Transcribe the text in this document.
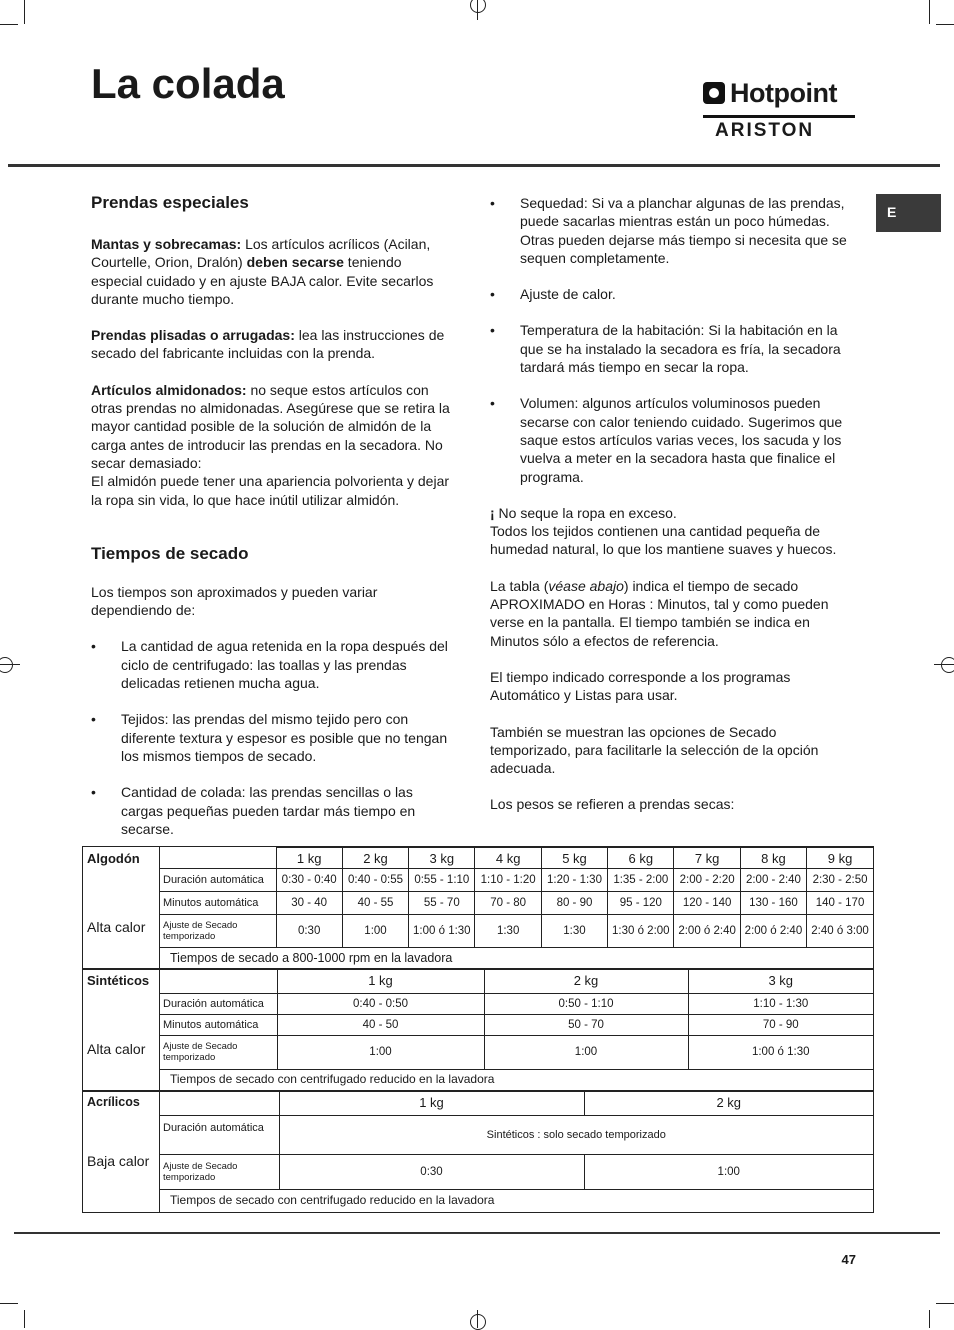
La colada	Hotpoint
ARISTON
E

Prendas especiales

Mantas y sobrecamas: Los artículos acrílicos (Acilan, Courtelle, Orion, Dralón) deben secarse teniendo especial cuidado y en ajuste BAJA calor. Evite secarlos durante mucho tiempo.

Prendas plisadas o arrugadas: lea las instrucciones de secado del fabricante incluidas con la prenda.

Artículos almidonados: no seque estos artículos con otras prendas no almidonadas. Asegúrese que se retira la mayor cantidad posible de la solución de almidón de la carga antes de introducir las prendas en la secadora. No secar demasiado:

El almidón puede tener una apariencia polvorienta y dejar la ropa sin vida, lo que hace inútil utilizar almidón.

Tiempos de secado

Los tiempos son aproximados y pueden variar dependiendo de:

• La cantidad de agua retenida en la ropa después del ciclo de centrifugado: las toallas y las prendas delicadas retienen mucha agua.

• Tejidos: las prendas del mismo tejido pero con diferente textura y espesor es posible que no tengan los mismos tiempos de secado.

• Cantidad de colada: las prendas sencillas o las cargas pequeñas pueden tardar más tiempo en secarse.

• Sequedad: Si va a planchar algunas de las prendas, puede sacarlas mientras están un poco húmedas. Otras pueden dejarse más tiempo si necesita que se sequen completamente.

• Ajuste de calor.

• Temperatura de la habitación: Si la habitación en la que se ha instalado la secadora es fría, la secadora tardará más tiempo en secar la ropa.

• Volumen: algunos artículos voluminosos pueden secarse con calor teniendo cuidado. Sugerimos que saque estos artículos varias veces, los sacuda y los vuelva a meter en la secadora hasta que finalice el programa.

¡ No seque la ropa en exceso.

Todos los tejidos contienen una cantidad pequeña de humedad natural, lo que los mantiene suaves y huecos.

La tabla (véase abajo) indica el tiempo de secado APROXIMADO en Horas : Minutos, tal y como pueden verse en la pantalla. El tiempo también se indica en Minutos sólo a efectos de referencia.

El tiempo indicado corresponde a los programas Automático y Listas para usar.

También se muestran las opciones de Secado temporizado, para facilitarle la selección de la opción adecuada.

Los pesos se refieren a prendas secas:

Algodón
Alta calor
	1 kg	2 kg	3 kg	4 kg	5 kg	6 kg	7 kg	8 kg	9 kg
Duración automática	0:30 - 0:40	0:40 - 0:55	0:55 - 1:10	1:10 - 1:20	1:20 - 1:30	1:35 - 2:00	2:00 - 2:20	2:00 - 2:40	2:30 - 2:50
Minutos automática	30 - 40	40 - 55	55 - 70	70 - 80	80 - 90	95 - 120	120 - 140	130 - 160	140 - 170
Ajuste de Secado temporizado	0:30	1:00	1:00 ó 1:30	1:30	1:30	1:30 ó 2:00	2:00 ó 2:40	2:00 ó 2:40	2:40 ó 3:00
Tiempos de secado a 800-1000 rpm en la lavadora									
Sintéticos
Alta calor
	1 kg	2 kg	3 kg
Duración automática	0:40 - 0:50	0:50 - 1:10	1:10 - 1:30
Minutos automática	40 - 50	50 - 70	70 - 90
Ajuste de Secado temporizado	1:00	1:00	1:00 ó 1:30
Tiempos de secado con centrifugado reducido en la lavadora			
Acrílicos
Baja calor
	1 kg	2 kg
Duración automática	Sintéticos : solo secado temporizado	
Ajuste de Secado temporizado	0:30	1:00
Tiempos de secado con centrifugado reducido en la lavadora		
47
